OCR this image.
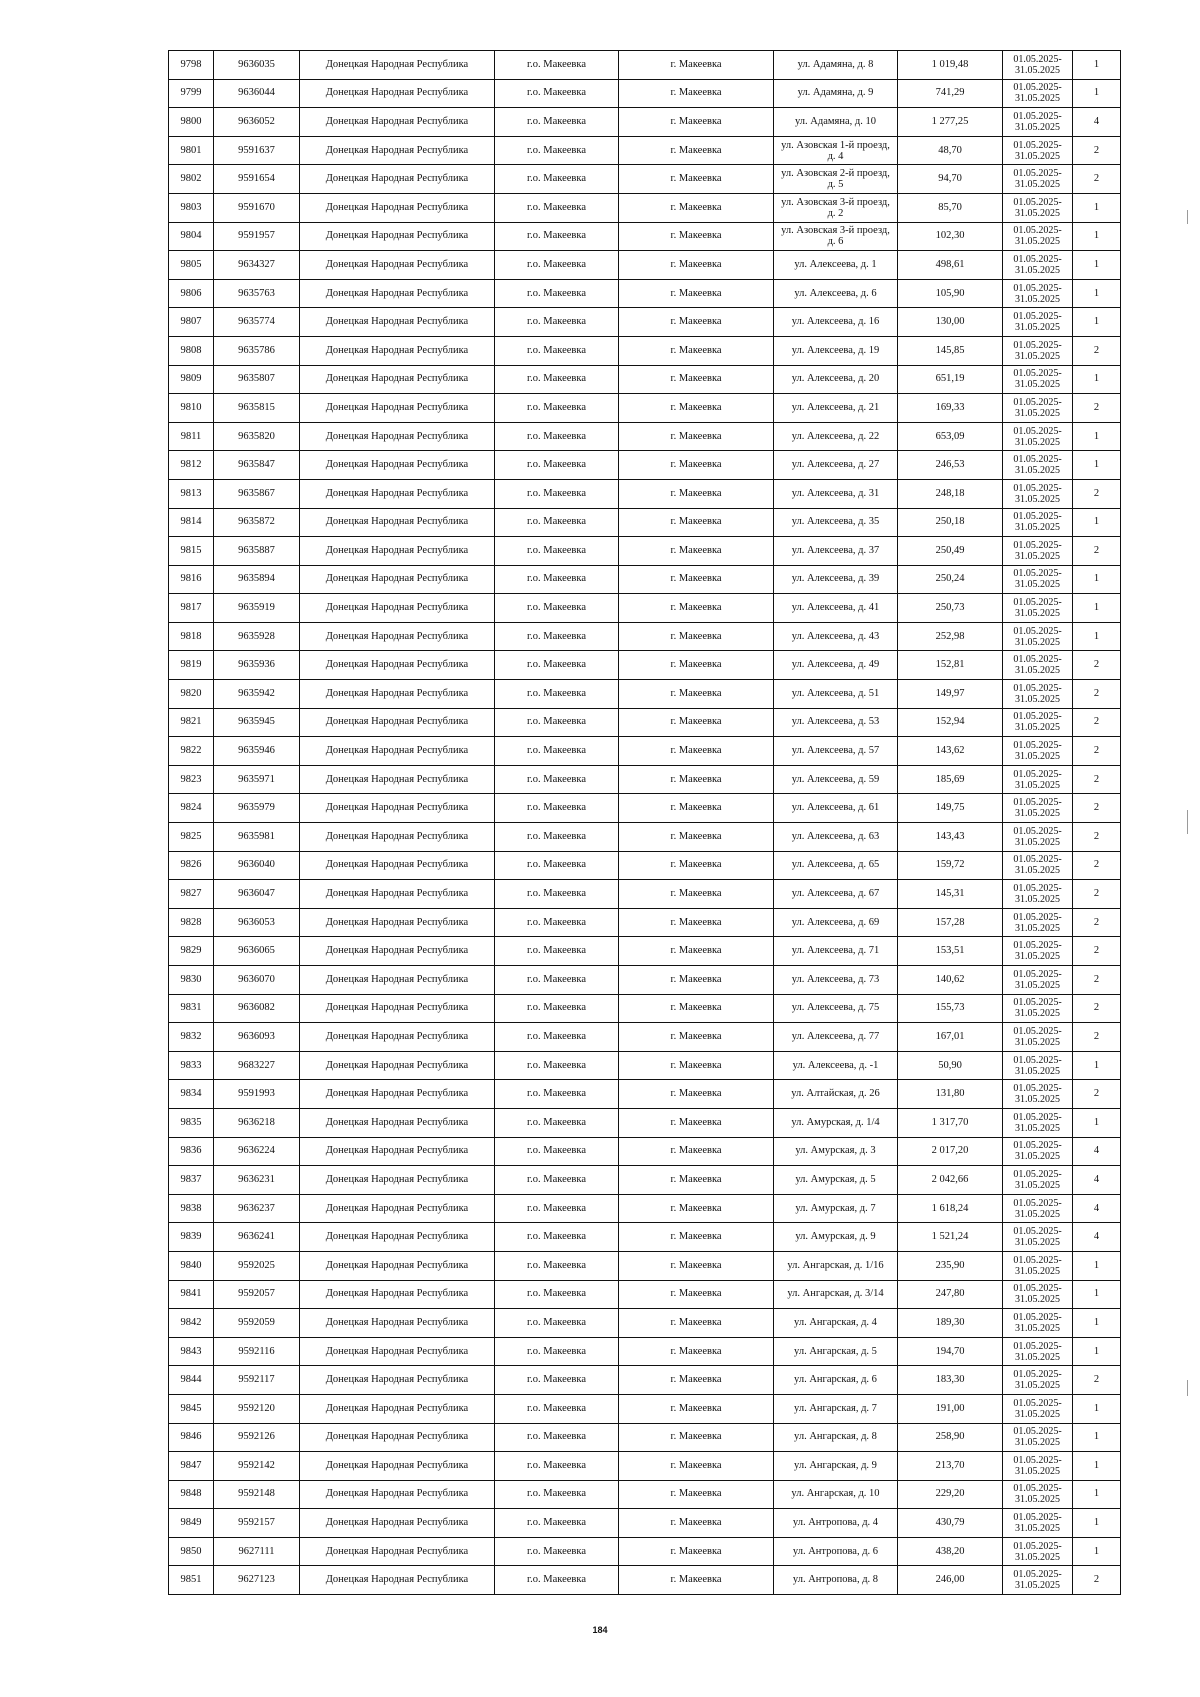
9798	9636035	Донецкая Народная Республика	г.о. Макеевка	г. Макеевка	ул. Адамяна, д. 8	1 019,48	01.05.2025-
31.05.2025	1
9799	9636044	Донецкая Народная Республика	г.о. Макеевка	г. Макеевка	ул. Адамяна, д. 9	741,29	01.05.2025-
31.05.2025	1
9800	9636052	Донецкая Народная Республика	г.о. Макеевка	г. Макеевка	ул. Адамяна, д. 10	1 277,25	01.05.2025-
31.05.2025	4
9801	9591637	Донецкая Народная Республика	г.о. Макеевка	г. Макеевка	ул. Азовская 1-й проезд,
д. 4	48,70	01.05.2025-
31.05.2025	2
9802	9591654	Донецкая Народная Республика	г.о. Макеевка	г. Макеевка	ул. Азовская 2-й проезд,
д. 5	94,70	01.05.2025-
31.05.2025	2
9803	9591670	Донецкая Народная Республика	г.о. Макеевка	г. Макеевка	ул. Азовская 3-й проезд,
д. 2	85,70	01.05.2025-
31.05.2025	1
9804	9591957	Донецкая Народная Республика	г.о. Макеевка	г. Макеевка	ул. Азовская 3-й проезд,
д. 6	102,30	01.05.2025-
31.05.2025	1
9805	9634327	Донецкая Народная Республика	г.о. Макеевка	г. Макеевка	ул. Алексеева, д. 1	498,61	01.05.2025-
31.05.2025	1
9806	9635763	Донецкая Народная Республика	г.о. Макеевка	г. Макеевка	ул. Алексеева, д. 6	105,90	01.05.2025-
31.05.2025	1
9807	9635774	Донецкая Народная Республика	г.о. Макеевка	г. Макеевка	ул. Алексеева, д. 16	130,00	01.05.2025-
31.05.2025	1
9808	9635786	Донецкая Народная Республика	г.о. Макеевка	г. Макеевка	ул. Алексеева, д. 19	145,85	01.05.2025-
31.05.2025	2
9809	9635807	Донецкая Народная Республика	г.о. Макеевка	г. Макеевка	ул. Алексеева, д. 20	651,19	01.05.2025-
31.05.2025	1
9810	9635815	Донецкая Народная Республика	г.о. Макеевка	г. Макеевка	ул. Алексеева, д. 21	169,33	01.05.2025-
31.05.2025	2
9811	9635820	Донецкая Народная Республика	г.о. Макеевка	г. Макеевка	ул. Алексеева, д. 22	653,09	01.05.2025-
31.05.2025	1
9812	9635847	Донецкая Народная Республика	г.о. Макеевка	г. Макеевка	ул. Алексеева, д. 27	246,53	01.05.2025-
31.05.2025	1
9813	9635867	Донецкая Народная Республика	г.о. Макеевка	г. Макеевка	ул. Алексеева, д. 31	248,18	01.05.2025-
31.05.2025	2
9814	9635872	Донецкая Народная Республика	г.о. Макеевка	г. Макеевка	ул. Алексеева, д. 35	250,18	01.05.2025-
31.05.2025	1
9815	9635887	Донецкая Народная Республика	г.о. Макеевка	г. Макеевка	ул. Алексеева, д. 37	250,49	01.05.2025-
31.05.2025	2
9816	9635894	Донецкая Народная Республика	г.о. Макеевка	г. Макеевка	ул. Алексеева, д. 39	250,24	01.05.2025-
31.05.2025	1
9817	9635919	Донецкая Народная Республика	г.о. Макеевка	г. Макеевка	ул. Алексеева, д. 41	250,73	01.05.2025-
31.05.2025	1
9818	9635928	Донецкая Народная Республика	г.о. Макеевка	г. Макеевка	ул. Алексеева, д. 43	252,98	01.05.2025-
31.05.2025	1
9819	9635936	Донецкая Народная Республика	г.о. Макеевка	г. Макеевка	ул. Алексеева, д. 49	152,81	01.05.2025-
31.05.2025	2
9820	9635942	Донецкая Народная Республика	г.о. Макеевка	г. Макеевка	ул. Алексеева, д. 51	149,97	01.05.2025-
31.05.2025	2
9821	9635945	Донецкая Народная Республика	г.о. Макеевка	г. Макеевка	ул. Алексеева, д. 53	152,94	01.05.2025-
31.05.2025	2
9822	9635946	Донецкая Народная Республика	г.о. Макеевка	г. Макеевка	ул. Алексеева, д. 57	143,62	01.05.2025-
31.05.2025	2
9823	9635971	Донецкая Народная Республика	г.о. Макеевка	г. Макеевка	ул. Алексеева, д. 59	185,69	01.05.2025-
31.05.2025	2
9824	9635979	Донецкая Народная Республика	г.о. Макеевка	г. Макеевка	ул. Алексеева, д. 61	149,75	01.05.2025-
31.05.2025	2
9825	9635981	Донецкая Народная Республика	г.о. Макеевка	г. Макеевка	ул. Алексеева, д. 63	143,43	01.05.2025-
31.05.2025	2
9826	9636040	Донецкая Народная Республика	г.о. Макеевка	г. Макеевка	ул. Алексеева, д. 65	159,72	01.05.2025-
31.05.2025	2
9827	9636047	Донецкая Народная Республика	г.о. Макеевка	г. Макеевка	ул. Алексеева, д. 67	145,31	01.05.2025-
31.05.2025	2
9828	9636053	Донецкая Народная Республика	г.о. Макеевка	г. Макеевка	ул. Алексеева, д. 69	157,28	01.05.2025-
31.05.2025	2
9829	9636065	Донецкая Народная Республика	г.о. Макеевка	г. Макеевка	ул. Алексеева, д. 71	153,51	01.05.2025-
31.05.2025	2
9830	9636070	Донецкая Народная Республика	г.о. Макеевка	г. Макеевка	ул. Алексеева, д. 73	140,62	01.05.2025-
31.05.2025	2
9831	9636082	Донецкая Народная Республика	г.о. Макеевка	г. Макеевка	ул. Алексеева, д. 75	155,73	01.05.2025-
31.05.2025	2
9832	9636093	Донецкая Народная Республика	г.о. Макеевка	г. Макеевка	ул. Алексеева, д. 77	167,01	01.05.2025-
31.05.2025	2
9833	9683227	Донецкая Народная Республика	г.о. Макеевка	г. Макеевка	ул. Алексеева, д. -1	50,90	01.05.2025-
31.05.2025	1
9834	9591993	Донецкая Народная Республика	г.о. Макеевка	г. Макеевка	ул. Алтайская, д. 26	131,80	01.05.2025-
31.05.2025	2
9835	9636218	Донецкая Народная Республика	г.о. Макеевка	г. Макеевка	ул. Амурская, д. 1/4	1 317,70	01.05.2025-
31.05.2025	1
9836	9636224	Донецкая Народная Республика	г.о. Макеевка	г. Макеевка	ул. Амурская, д. 3	2 017,20	01.05.2025-
31.05.2025	4
9837	9636231	Донецкая Народная Республика	г.о. Макеевка	г. Макеевка	ул. Амурская, д. 5	2 042,66	01.05.2025-
31.05.2025	4
9838	9636237	Донецкая Народная Республика	г.о. Макеевка	г. Макеевка	ул. Амурская, д. 7	1 618,24	01.05.2025-
31.05.2025	4
9839	9636241	Донецкая Народная Республика	г.о. Макеевка	г. Макеевка	ул. Амурская, д. 9	1 521,24	01.05.2025-
31.05.2025	4
9840	9592025	Донецкая Народная Республика	г.о. Макеевка	г. Макеевка	ул. Ангарская, д. 1/16	235,90	01.05.2025-
31.05.2025	1
9841	9592057	Донецкая Народная Республика	г.о. Макеевка	г. Макеевка	ул. Ангарская, д. 3/14	247,80	01.05.2025-
31.05.2025	1
9842	9592059	Донецкая Народная Республика	г.о. Макеевка	г. Макеевка	ул. Ангарская, д. 4	189,30	01.05.2025-
31.05.2025	1
9843	9592116	Донецкая Народная Республика	г.о. Макеевка	г. Макеевка	ул. Ангарская, д. 5	194,70	01.05.2025-
31.05.2025	1
9844	9592117	Донецкая Народная Республика	г.о. Макеевка	г. Макеевка	ул. Ангарская, д. 6	183,30	01.05.2025-
31.05.2025	2
9845	9592120	Донецкая Народная Республика	г.о. Макеевка	г. Макеевка	ул. Ангарская, д. 7	191,00	01.05.2025-
31.05.2025	1
9846	9592126	Донецкая Народная Республика	г.о. Макеевка	г. Макеевка	ул. Ангарская, д. 8	258,90	01.05.2025-
31.05.2025	1
9847	9592142	Донецкая Народная Республика	г.о. Макеевка	г. Макеевка	ул. Ангарская, д. 9	213,70	01.05.2025-
31.05.2025	1
9848	9592148	Донецкая Народная Республика	г.о. Макеевка	г. Макеевка	ул. Ангарская, д. 10	229,20	01.05.2025-
31.05.2025	1
9849	9592157	Донецкая Народная Республика	г.о. Макеевка	г. Макеевка	ул. Антропова, д. 4	430,79	01.05.2025-
31.05.2025	1
9850	9627111	Донецкая Народная Республика	г.о. Макеевка	г. Макеевка	ул. Антропова, д. 6	438,20	01.05.2025-
31.05.2025	1
9851	9627123	Донецкая Народная Республика	г.о. Макеевка	г. Макеевка	ул. Антропова, д. 8	246,00	01.05.2025-
31.05.2025	2
184
